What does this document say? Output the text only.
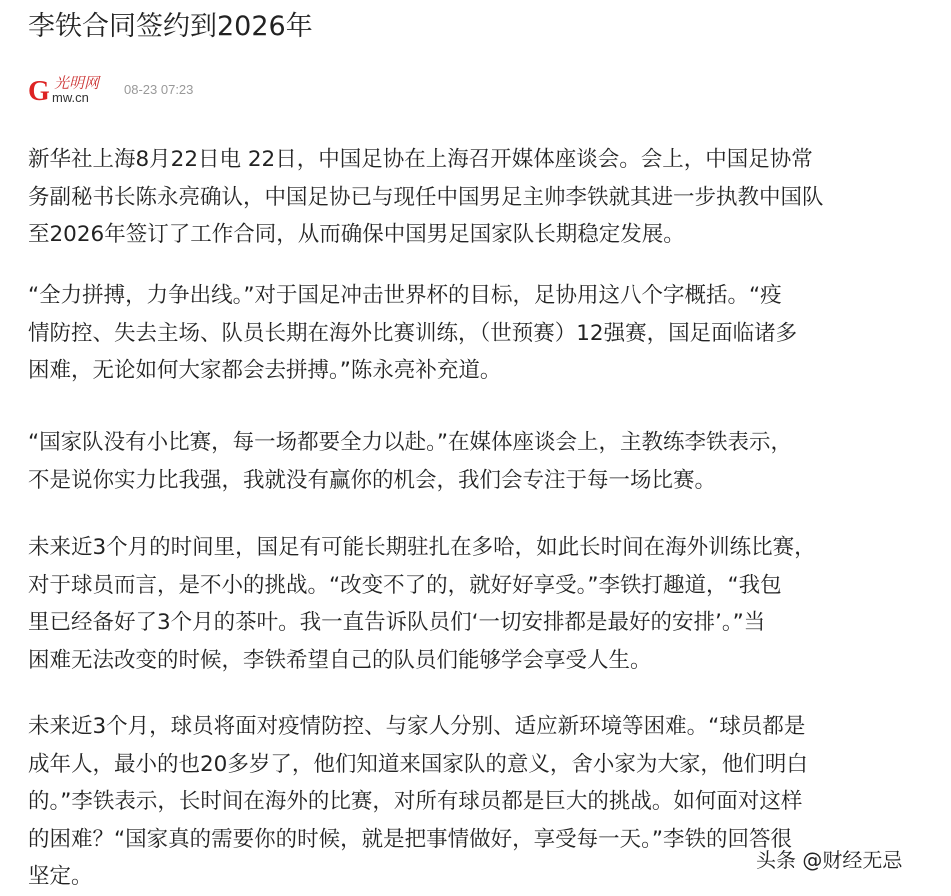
李铁合同签约到2026年
G 光明网
mw.cn
08-23 07:23
新华社上海8月22日电 22日，中国足协在上海召开媒体座谈会。会上，中国足协常
务副秘书长陈永亮确认，中国足协已与现任中国男足主帅李铁就其进一步执教中国队
至2026年签订了工作合同，从而确保中国男足国家队长期稳定发展。
“全力拼搏，力争出线。”对于国足冲击世界杯的目标，足协用这八个字概括。“疫
情防控、失去主场、队员长期在海外比赛训练，（世预赛）12强赛，国足面临诸多
困难，无论如何大家都会去拼搏。”陈永亮补充道。
“国家队没有小比赛，每一场都要全力以赴。”在媒体座谈会上，主教练李铁表示，
不是说你实力比我强，我就没有赢你的机会，我们会专注于每一场比赛。
未来近3个月的时间里，国足有可能长期驻扎在多哈，如此长时间在海外训练比赛，
对于球员而言，是不小的挑战。“改变不了的，就好好享受。”李铁打趣道，“我包
里已经备好了3个月的茶叶。我一直告诉队员们‘一切安排都是最好的安排’。”当
困难无法改变的时候，李铁希望自己的队员们能够学会享受人生。
未来近3个月，球员将面对疫情防控、与家人分别、适应新环境等困难。“球员都是
成年人，最小的也20多岁了，他们知道来国家队的意义，舍小家为大家，他们明白
的。”李铁表示，长时间在海外的比赛，对所有球员都是巨大的挑战。如何面对这样
的困难？“国家真的需要你的时候，就是把事情做好，享受每一天。”李铁的回答很
坚定。
头条 @财经无忌
